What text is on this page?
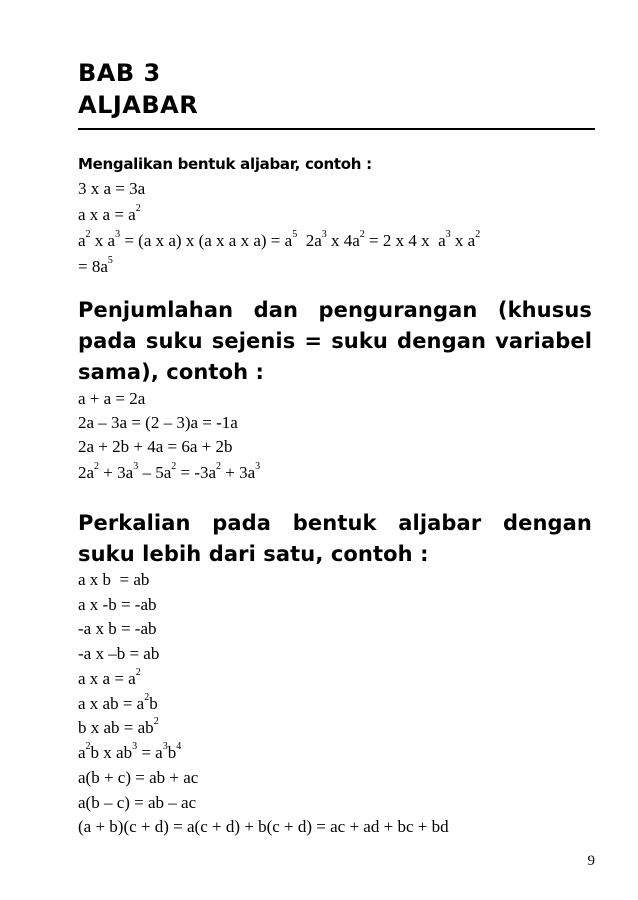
BAB 3
ALJABAR
Mengalikan bentuk aljabar, contoh :
3 x a = 3a
a x $a = a^2$
$a^2$ x $a^3 = (a$ x a) x (a x a x $a) = a^5$  $2a^3$ x $4a^2 = 2$ x 4 x  $a^3$ x $a^2$
= $8a^5$
Penjumlahan dan pengurangan (khusus pada suku sejenis = suku dengan variabel sama), contoh :
a + a = 2a
2a – 3a = (2 – 3)a = -1a
2a + 2b + 4a = 6a + 2b
$2a^2 + 3a^3 - 5a^2 = -3a^2 + 3a^3$
Perkalian pada bentuk aljabar dengan suku lebih dari satu, contoh :
a x b  = ab
a x -b = -ab
-a x b = -ab
-a x –b = ab
a x $a = a^2$
a x ab = $a^2b$
b x ab = $ab^2$
$a^2b$ x $ab^3 = a^3b^4$
a(b + c) = ab + ac
a(b – c) = ab – ac
(a + b)(c + d) = a(c + d) + b(c + d) = ac + ad + bc + bd
9
